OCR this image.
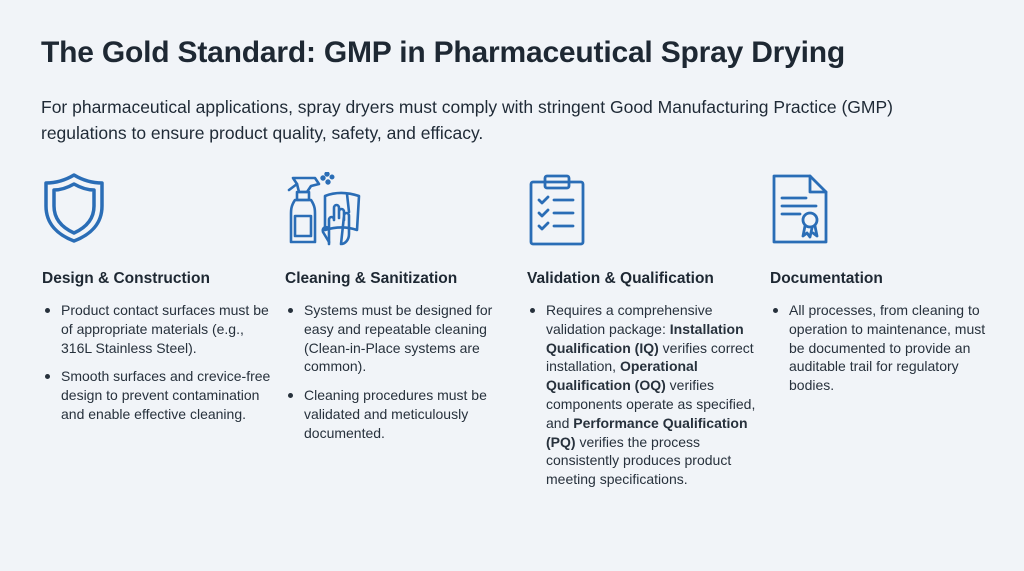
The Gold Standard: GMP in Pharmaceutical Spray Drying
For pharmaceutical applications, spray dryers must comply with stringent Good Manufacturing Practice (GMP) regulations to ensure product quality, safety, and efficacy.
Design & Construction
Product contact surfaces must be of appropriate materials (e.g., 316L Stainless Steel).
Smooth surfaces and crevice-free design to prevent contamination and enable effective cleaning.
Cleaning & Sanitization
Systems must be designed for easy and repeatable cleaning (Clean-in-Place systems are common).
Cleaning procedures must be validated and meticulously documented.
Validation & Qualification
Requires a comprehensive validation package: Installation Qualification (IQ) verifies correct installation, Operational Qualification (OQ) verifies components operate as specified, and Performance Qualification (PQ) verifies the process consistently produces product meeting specifications.
Documentation
All processes, from cleaning to operation to maintenance, must be documented to provide an auditable trail for regulatory bodies.
